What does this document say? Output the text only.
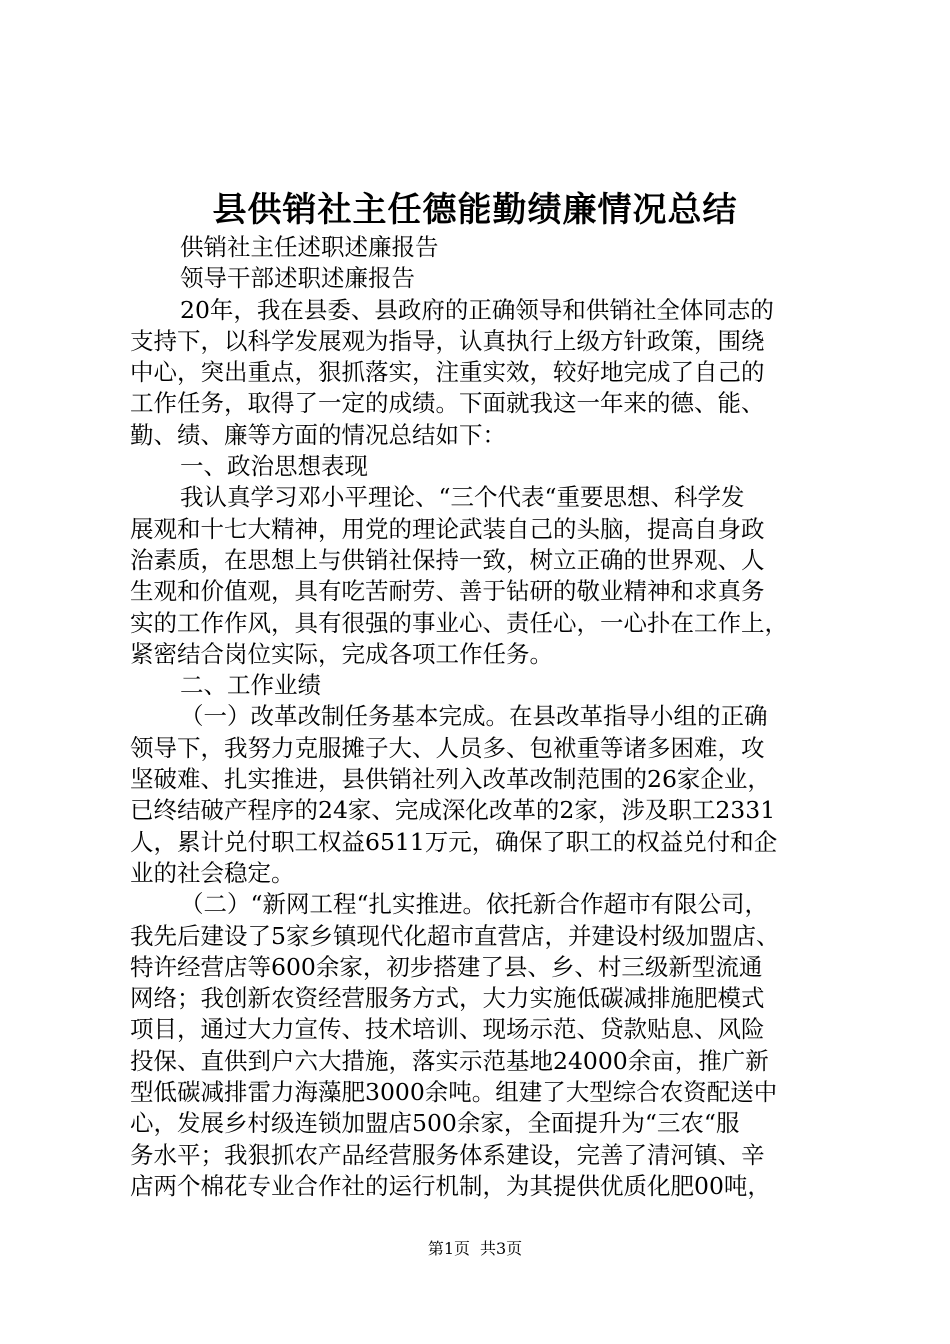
县供销社主任德能勤绩廉情况总结
供销社主任述职述廉报告
领导干部述职述廉报告
20年，我在县委、县政府的正确领导和供销社全体同志的
支持下，以科学发展观为指导，认真执行上级方针政策，围绕
中心，突出重点，狠抓落实，注重实效，较好地完成了自己的
工作任务，取得了一定的成绩。下面就我这一年来的德、能、
勤、绩、廉等方面的情况总结如下：
一、政治思想表现
我认真学习邓小平理论、“三个代表“重要思想、科学发
展观和十七大精神，用党的理论武装自己的头脑，提高自身政
治素质，在思想上与供销社保持一致，树立正确的世界观、人
生观和价值观，具有吃苦耐劳、善于钻研的敬业精神和求真务
实的工作作风，具有很强的事业心、责任心，一心扑在工作上，
紧密结合岗位实际，完成各项工作任务。
二、工作业绩
（一）改革改制任务基本完成。在县改革指导小组的正确
领导下，我努力克服摊子大、人员多、包袱重等诸多困难，攻
坚破难、扎实推进，县供销社列入改革改制范围的26家企业，
已终结破产程序的24家、完成深化改革的2家，涉及职工2331
人，累计兑付职工权益6511万元，确保了职工的权益兑付和企
业的社会稳定。
（二）“新网工程“扎实推进。依托新合作超市有限公司，
我先后建设了5家乡镇现代化超市直营店，并建设村级加盟店、
特许经营店等600余家，初步搭建了县、乡、村三级新型流通
网络；我创新农资经营服务方式，大力实施低碳减排施肥模式
项目，通过大力宣传、技术培训、现场示范、贷款贴息、风险
投保、直供到户六大措施，落实示范基地24000余亩，推广新
型低碳减排雷力海藻肥3000余吨。组建了大型综合农资配送中
心，发展乡村级连锁加盟店500余家，全面提升为“三农“服
务水平；我狠抓农产品经营服务体系建设，完善了清河镇、辛
店两个棉花专业合作社的运行机制，为其提供优质化肥00吨，
第1页 共3页
